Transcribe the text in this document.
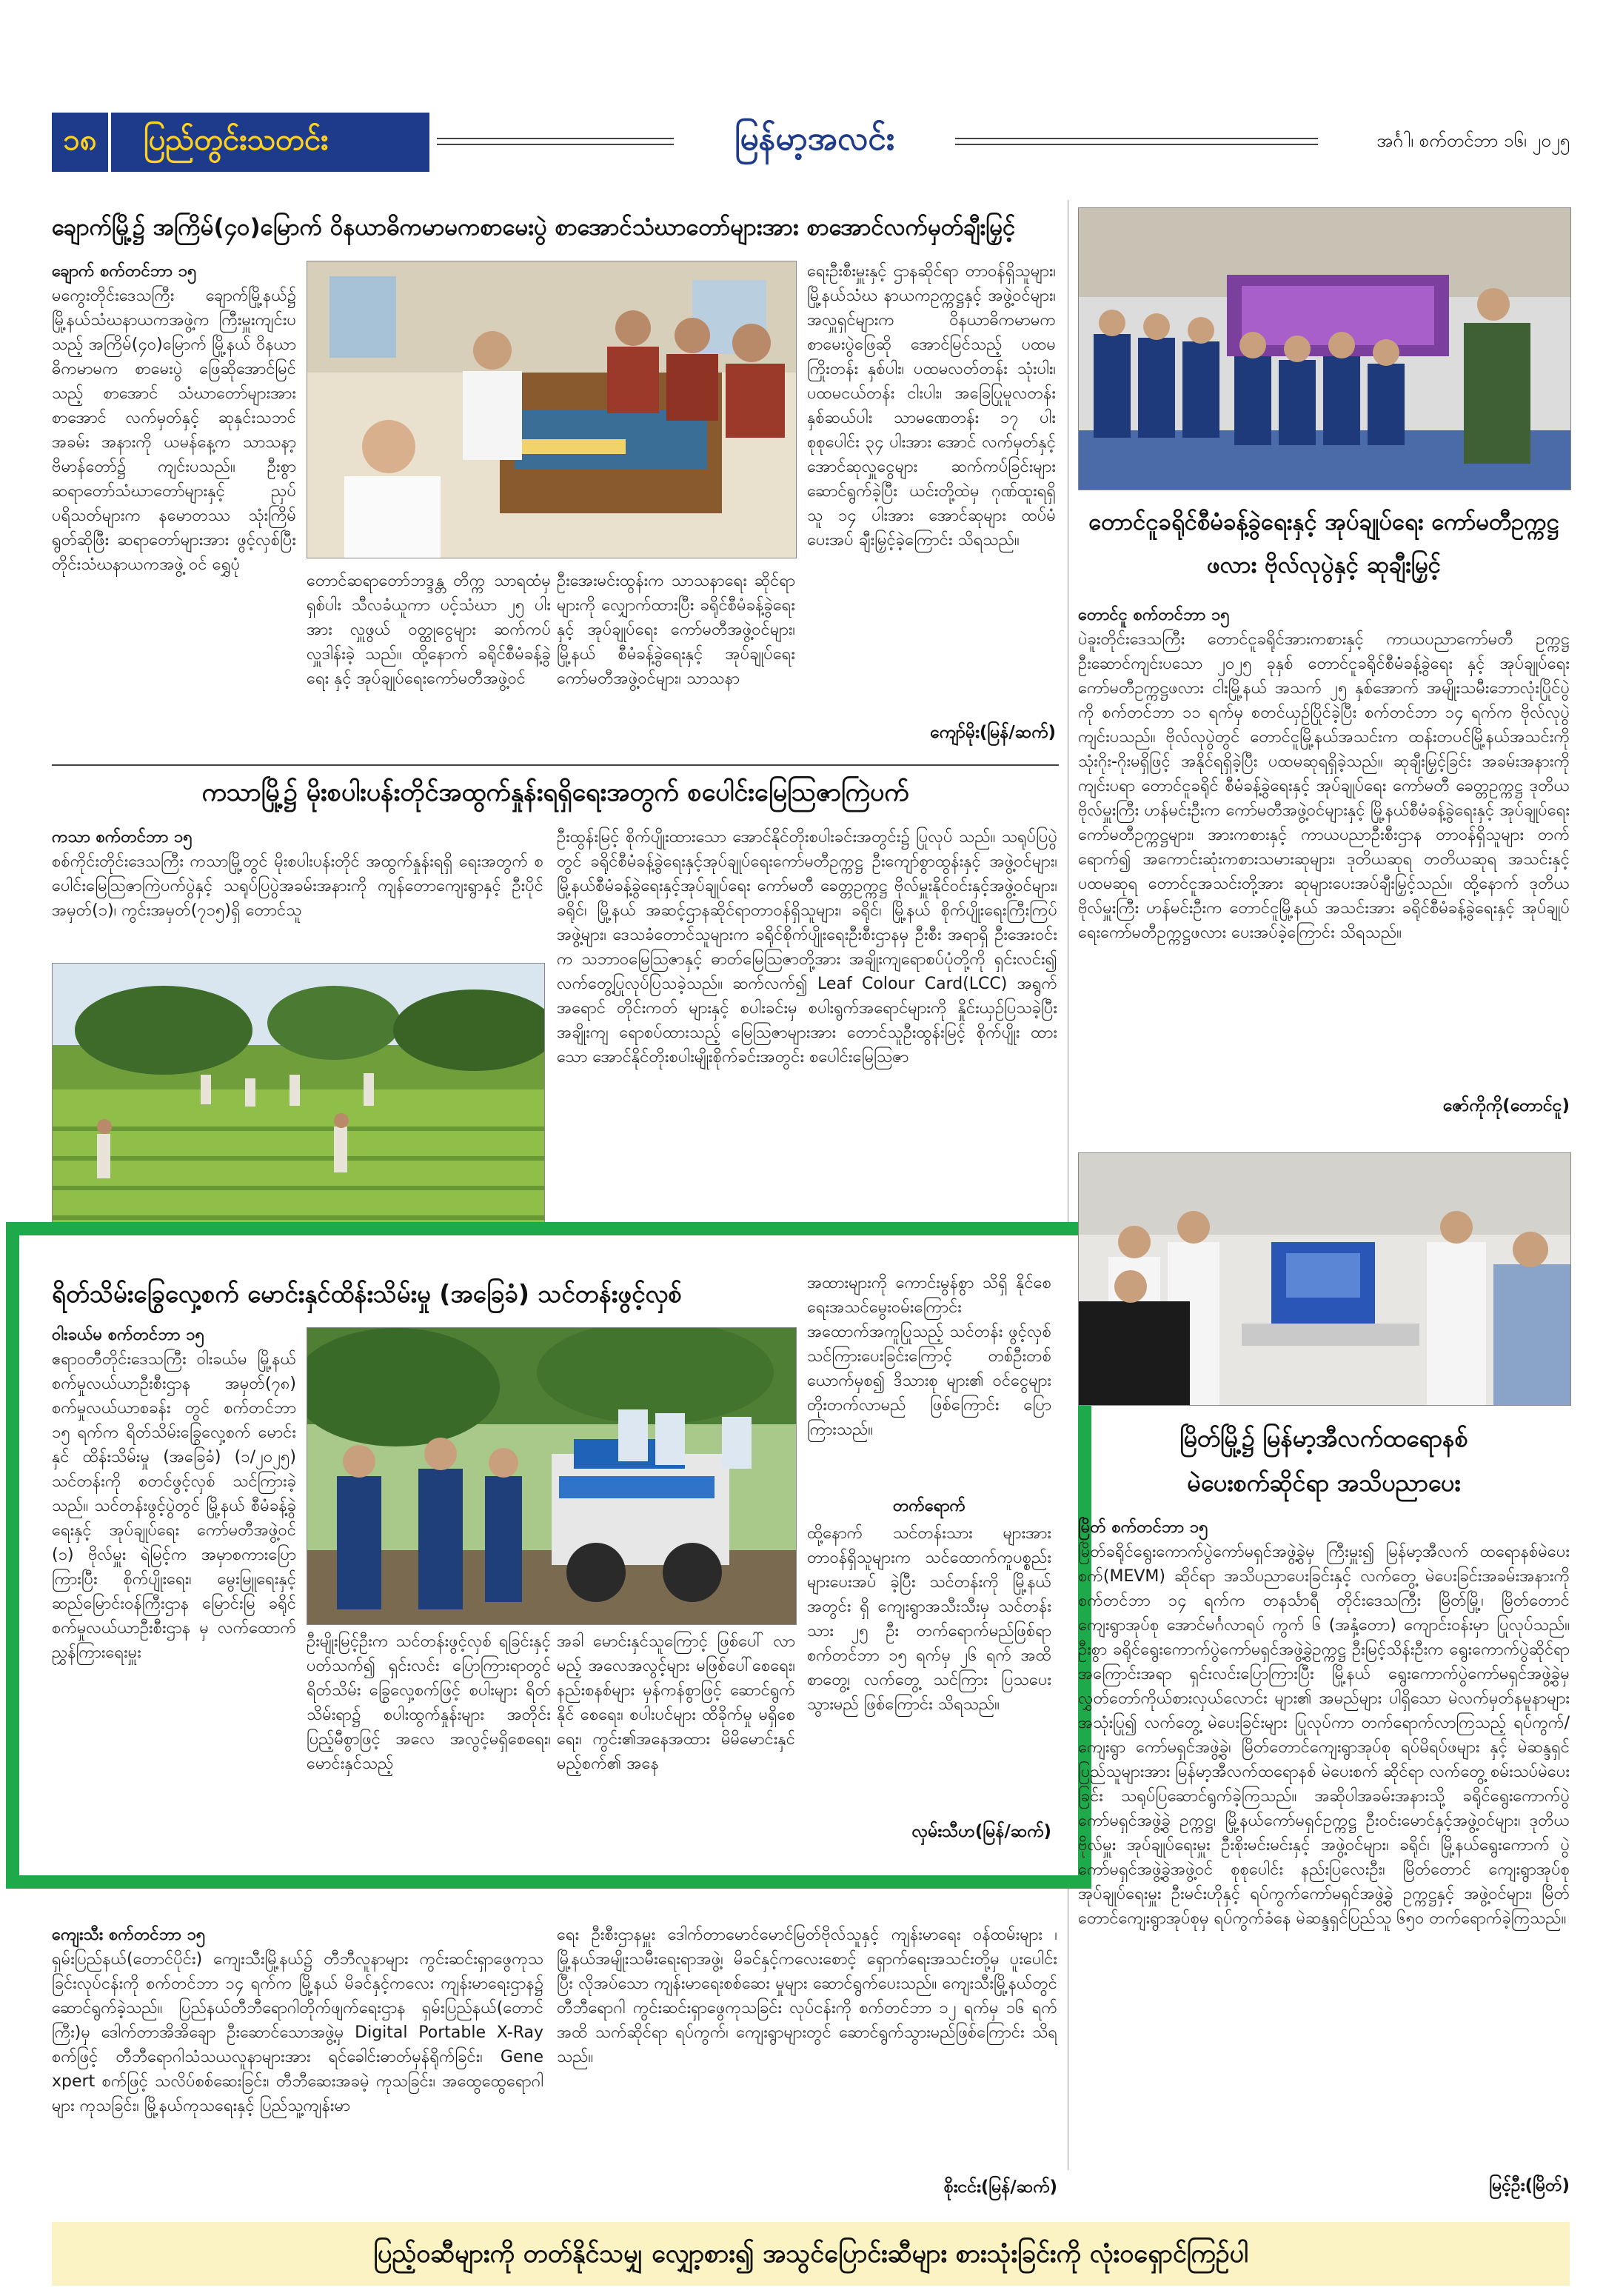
၁၈	ပြည်တွင်းသတင်း	မြန်မာ့အလင်း	အင်္ဂါ၊ စက်တင်ဘာ ၁၆၊ ၂၀၂၅
ချောက်မြို့၌ အကြိမ်(၄၀)မြောက် ဝိနယာဓိကမာမကစာမေးပွဲ စာအောင်သံဃာတော်များအား စာအောင်လက်မှတ်ချီးမြှင့်
ချောက် စက်တင်ဘာ ၁၅
မကွေးတိုင်းဒေသကြီး ချောက်မြို့နယ်၌ မြို့နယ်သံဃနာယကအဖွဲ့က ကြီးမှူးကျင်းပသည့် အကြိမ်(၄၀)မြောက် မြို့နယ် ဝိနယာဓိကမာမက စာမေးပွဲ ဖြေဆိုအောင်မြင်သည့် စာအောင် သံဃာတော်များအား စာအောင် လက်မှတ်နှင့် ဆုနှင်းသဘင်အခမ်း အနားကို ယမန်နေ့က သာသနာ့ ဗိမာန်တော်၌ ကျင်းပသည်။ ဦးစွာ ဆရာတော်သံဃာတော်များနှင့် ညှပ်ပရိသတ်များက နမောတဿ သုံးကြိမ်ရွတ်ဆိုဖြီး ဆရာတော်များအား ဖွင့်လှစ်ပြီး တိုင်းသံဃနာယကအဖွဲ့ ဝင် ရွှေပုံ
တောင်ဆရာတော်ဘဒ္ဒန္တ တိက္က သာရထံမှ ရှစ်ပါး သီလခံယူကာ ပင့်သံဃာ ၂၅ ပါးအား လှူဖွယ် ဝတ္ထုငွေများ ဆက်ကပ်လှူဒါန်းခဲ့ သည်။ ထို့နောက် ခရိုင်စီမံခန့်ခွဲရေး နှင့် အုပ်ချုပ်ရေးကော်မတီအဖွဲ့ဝင်
ဦးအေးမင်းထွန်းက သာသနာရေး ဆိုင်ရာများကို လျှောက်ထားပြီး ခရိုင်စီမံခန့်ခွဲရေးနှင့် အုပ်ချုပ်ရေး ကော်မတီအဖွဲ့ဝင်များ၊ မြို့နယ် စီမံခန့်ခွဲရေးနှင့် အုပ်ချုပ်ရေး ကော်မတီအဖွဲ့ဝင်များ၊ သာသနာ
ရေးဦးစီးမှူးနှင့် ဌာနဆိုင်ရာ တာဝန်ရှိသူများ၊ မြို့နယ်သံဃ နာယကဥက္ကဋ္ဌနှင့် အဖွဲ့ဝင်များ၊ အလှူရှင်များက ဝိနယာဓိကမာမက စာမေးပွဲဖြေဆို အောင်မြင်သည့် ပထမကြိုးတန်း နှစ်ပါး၊ ပထမလတ်တန်း သုံးပါး၊ ပထမငယ်တန်း ငါးပါး၊ အခြေပြုမူလတန်း နှစ်ဆယ်ပါး သာမဏေတန်း ၁၇ ပါး စုစုပေါင်း ၃၄ ပါးအား အောင် လက်မှတ်နှင့် အောင်ဆုလှူငွေများ ဆက်ကပ်ခြင်းများ ဆောင်ရွက်ခဲ့ပြီး ယင်းတို့ထဲမှ ဂုဏ်ထူးရရှိသူ ၁၄ ပါးအား အောင်ဆုများ ထပ်မံပေးအပ် ချီးမြှင့်ခဲ့ကြောင်း သိရသည်။
ကျော်မိုး(မြန်/ဆက်)
တောင်ငူခရိုင်စီမံခန့်ခွဲရေးနှင့် အုပ်ချုပ်ရေး ကော်မတီဥက္ကဋ္ဌဖလား ဗိုလ်လုပွဲနှင့် ဆုချီးမြှင့်
တောင်ငူ စက်တင်ဘာ ၁၅
ပဲခူးတိုင်းဒေသကြီး တောင်ငူခရိုင်အားကစားနှင့် ကာယပညာကော်မတီ ဥက္ကဋ္ဌ ဦးဆောင်ကျင်းပသော ၂၀၂၅ ခုနှစ် တောင်ငူခရိုင်စီမံခန့်ခွဲရေး နှင့် အုပ်ချုပ်ရေးကော်မတီဥက္ကဋ္ဌဖလား ငါးမြို့နယ် အသက် ၂၅ နှစ်အောက် အမျိုးသမီးဘောလုံးပြိုင်ပွဲကို စက်တင်ဘာ ၁၁ ရက်မှ စတင်ယှဉ်ပြိုင်ခဲ့ပြီး စက်တင်ဘာ ၁၄ ရက်က ဗိုလ်လုပွဲကျင်းပသည်။ ဗိုလ်လုပွဲတွင် တောင်ငူမြို့နယ်အသင်းက ထန်းတပင်မြို့နယ်အသင်းကို သုံးဂိုး-ဂိုးမရှိဖြင့် အနိုင်ရရှိခဲ့ပြီး ပထမဆုရရှိခဲ့သည်။ ဆုချီးမြှင့်ခြင်း အခမ်းအနားကို ကျင်းပရာ တောင်ငူခရိုင် စီမံခန့်ခွဲရေးနှင့် အုပ်ချုပ်ရေး ကော်မတီ ခေတ္တဥက္ကဋ္ဌ ဒုတိယဗိုလ်မှူးကြီး ဟန်မင်းဦးက ကော်မတီအဖွဲ့ဝင်များနှင့် မြို့နယ်စီမံခန့်ခွဲရေးနှင့် အုပ်ချုပ်ရေးကော်မတီဥက္ကဋ္ဌများ၊ အားကစားနှင့် ကာယပညာဦးစီးဌာန တာဝန်ရှိသူများ တက်ရောက်၍ အကောင်းဆုံးကစားသမားဆုများ၊ ဒုတိယဆုရ တတိယဆုရ အသင်းနှင့် ပထမဆုရ တောင်ငူအသင်းတို့အား ဆုများပေးအပ်ချီးမြှင့်သည်။ ထို့နောက် ဒုတိယဗိုလ်မှူးကြီး ဟန်မင်းဦးက တောင်ငူမြို့နယ် အသင်းအား ခရိုင်စီမံခန့်ခွဲရေးနှင့် အုပ်ချုပ်ရေးကော်မတီဥက္ကဋ္ဌဖလား ပေးအပ်ခဲ့ကြောင်း သိရသည်။
ဇော်ကိုကို(တောင်ငူ)
ကသာမြို့၌ မိုးစပါးပန်းတိုင်အထွက်နှုန်းရရှိရေးအတွက် စပေါင်းမြေဩဇာကြဲပက်
ကသာ စက်တင်ဘာ ၁၅
စစ်ကိုင်းတိုင်းဒေသကြီး ကသာမြို့တွင် မိုးစပါးပန်းတိုင် အထွက်နှုန်းရရှိ ရေးအတွက် စပေါင်းမြေဩဇာကြဲပက်ပွဲနှင့် သရုပ်ပြပွဲအခမ်းအနားကို ကျန်တောကျေးရွာနှင့် ဦးပိုင် အမှတ်(၁)၊ ကွင်းအမှတ်(၇၁၅)ရှိ တောင်သူ
ဦးထွန်းမြင့် စိုက်ပျိုးထားသော အောင်နိုင်တိုးစပါးခင်းအတွင်း၌ ပြုလုပ် သည်။ သရုပ်ပြပွဲတွင် ခရိုင်စီမံခန့်ခွဲရေးနှင့်အုပ်ချုပ်ရေးကော်မတီဥက္ကဋ္ဌ ဦးကျော်စွာထွန်းနှင့် အဖွဲ့ဝင်များ၊ မြို့နယ်စီမံခန့်ခွဲရေးနှင့်အုပ်ချုပ်ရေး ကော်မတီ ခေတ္တဥက္ကဋ္ဌ ဗိုလ်မှူးနိုင်ဝင်းနှင့်အဖွဲ့ဝင်များ၊ ခရိုင်၊ မြို့နယ် အဆင့်ဌာနဆိုင်ရာတာဝန်ရှိသူများ၊ ခရိုင်၊ မြို့နယ် စိုက်ပျိုးရေးကြီးကြပ် အဖွဲ့များ၊ ဒေသခံတောင်သူများက ခရိုင်စိုက်ပျိုးရေးဦးစီးဌာနမှ ဦးစီး အရာရှိ ဦးအေးဝင်းက သဘာဝမြေဩဇာနှင့် ဓာတ်မြေဩဇာတို့အား အချိုးကျရောစပ်ပုံတို့ကို ရှင်းလင်း၍ လက်တွေ့ပြုလုပ်ပြသခဲ့သည်။ ဆက်လက်၍ Leaf Colour Card(LCC) အရွက်အရောင် တိုင်းကတ် များနှင့် စပါးခင်းမှ စပါးရွက်အရောင်များကို နှိုင်းယှဉ်ပြသခဲ့ပြီး အချိုးကျ ရောစပ်ထားသည့် မြေဩဇာများအား တောင်သူဦးထွန်းမြင့် စိုက်ပျိုး ထားသော အောင်နိုင်တိုးစပါးမျိုးစိုက်ခင်းအတွင်း စပေါင်းမြေဩဇာ
ရိတ်သိမ်းခြွေလှေ့စက် မောင်းနှင်ထိန်းသိမ်းမှု (အခြေခံ) သင်တန်းဖွင့်လှစ်
ဝါးခယ်မ စက်တင်ဘာ ၁၅
ဧရာဝတီတိုင်းဒေသကြီး ဝါးခယ်မ မြို့နယ် စက်မှုလယ်ယာဦးစီးဌာန အမှတ်(၇၈) စက်မှုလယ်ယာစခန်း တွင် စက်တင်ဘာ ၁၅ ရက်က ရိတ်သိမ်းခြွေလှေ့စက် မောင်းနှင် ထိန်းသိမ်းမှု (အခြေခံ) (၁/၂၀၂၅) သင်တန်းကို စတင်ဖွင့်လှစ် သင်ကြားခဲ့သည်။ သင်တန်းဖွင့်ပွဲတွင် မြို့နယ် စီမံခန့်ခွဲရေးနှင့် အုပ်ချုပ်ရေး ကော်မတီအဖွဲ့ဝင် (၁) ဗိုလ်မှူး ရဲမြင့်က အမှာစကားပြောကြားပြီး စိုက်ပျိုးရေး၊ မွေးမြူရေးနှင့် ဆည်မြောင်းဝန်ကြီးဌာန မြောင်းမြ ခရိုင် စက်မှုလယ်ယာဦးစီးဌာန မှ လက်ထောက်ညွှန်ကြားရေးမှူး
ဦးမျိုးမြင့်ဦးက သင်တန်းဖွင့်လှစ် ရခြင်းနှင့် ပတ်သက်၍ ရှင်းလင်း ပြောကြားရာတွင် ရိတ်သိမ်း ခြွေလှေ့စက်ဖြင့် စပါးများ ရိတ် သိမ်းရာ၌ စပါးထွက်နှုန်းများ အတိုင်း ပြည့်မီစွာဖြင့် အလေ အလွင့်မရှိစေရေး၊ မောင်းနှင်သည့်
အခါ မောင်းနှင်သူကြောင့် ဖြစ်ပေါ် လာမည့် အလေအလွင့်များ မဖြစ်ပေါ်စေရေး၊ နည်းစနစ်များ မှန်ကန်စွာဖြင့် ဆောင်ရွက်နိုင် စေရေး၊ စပါးပင်များ ထိခိုက်မှု မရှိစေရေး၊ ကွင်း၏အနေအထား မိမိမောင်းနှင်မည့်စက်၏ အနေ
အထားများကို ကောင်းမွန်စွာ သိရှိ နိုင်စေရေးအသင်မွေးဝမ်းကြောင်း အထောက်အကူပြုသည့် သင်တန်း ဖွင့်လှစ်သင်ကြားပေးခြင်းကြောင့် တစ်ဦးတစ်ယောက်မှစ၍ ဒိသားစု များ၏ ဝင်ငွေများ တိုးတက်လာမည် ဖြစ်ကြောင်း ပြောကြားသည်။
တက်ရောက်
ထို့နောက် သင်တန်းသား များအား တာဝန်ရှိသူများက သင်ထောက်ကူပစ္စည်းများပေးအပ် ခဲ့ပြီး သင်တန်းကို မြို့နယ်အတွင်း ရှိ ကျေးရွာအသီးသီးမှ သင်တန်း သား ၂၅ ဦး တက်ရောက်မည်ဖြစ်ရာ စက်တင်ဘာ ၁၅ ရက်မှ ၂၆ ရက် အထိ စာတွေ့၊ လက်တွေ့ သင်ကြား ပြသပေးသွားမည် ဖြစ်ကြောင်း သိရသည်။
လှမ်းသီဟ(မြန်/ဆက်)
မြိတ်မြို့၌ မြန်မာ့အီလက်ထရောနစ်
မဲပေးစက်ဆိုင်ရာ အသိပညာပေး
မြိတ် စက်တင်ဘာ ၁၅
မြိတ်ခရိုင်ရွေးကောက်ပွဲကော်မရှင်အဖွဲ့ခွဲမှ ကြီးမှူး၍ မြန်မာ့အီလက် ထရောနစ်မဲပေးစက်(MEVM) ဆိုင်ရာ အသိပညာပေးခြင်းနှင့် လက်တွေ့ မဲပေးခြင်းအခမ်းအနားကို စက်တင်ဘာ ၁၄ ရက်က တနင်္သာရီ တိုင်းဒေသကြီး မြိတ်မြို့၊ မြိတ်တောင်ကျေးရွာအုပ်စု အောင်မင်္ဂလာရပ် ကွက် ၆ (အနှံ့တော) ကျောင်းဝန်းမှာ ပြုလုပ်သည်။ ဦးစွာ ခရိုင်ရွေးကောက်ပွဲကော်မရှင်အဖွဲ့ခွဲဥက္ကဋ္ဌ ဦးမြင့်သိန်းဦးက ရွေးကောက်ပွဲဆိုင်ရာအကြောင်းအရာ ရှင်းလင်းပြောကြားပြီး မြို့နယ် ရွေးကောက်ပွဲကော်မရှင်အဖွဲ့ခွဲမှ လွှတ်တော်ကိုယ်စားလှယ်လောင်း များ၏ အမည်များ ပါရှိသော မဲလက်မှတ်နမူနာများ အသုံးပြု၍ လက်တွေ့ မဲပေးခြင်းများ ပြုလုပ်ကာ တက်ရောက်လာကြသည့် ရပ်ကွက်/ ကျေးရွာ ကော်မရှင်အဖွဲ့ခွဲ၊ မြိတ်တောင်ကျေးရွာအုပ်စု ရပ်မိရပ်ဖများ နှင့် မဲဆန္ဒရှင်ပြည်သူများအား မြန်မာ့အီလက်ထရောနစ် မဲပေးစက် ဆိုင်ရာ လက်တွေ့ စမ်းသပ်မဲပေးခြင်း သရုပ်ပြဆောင်ရွက်ခဲ့ကြသည်။ အဆိုပါအခမ်းအနားသို့ ခရိုင်ရွေးကောက်ပွဲကော်မရှင်အဖွဲ့ခွဲ ဥက္ကဋ္ဌ၊ မြို့နယ်ကော်မရှင်ဥက္ကဋ္ဌ ဦးဝင်းမောင်နှင့်အဖွဲ့ဝင်များ၊ ဒုတိယဗိုလ်မှူး အုပ်ချုပ်ရေးမှူး ဦးစိုးမင်းမင်းနှင့် အဖွဲ့ဝင်များ၊ ခရိုင်၊ မြို့နယ်ရွေးကောက် ပွဲကော်မရှင်အဖွဲ့ခွဲအဖွဲ့ဝင် စုစုပေါင်း နည်းပြလေးဦး၊ မြိတ်တောင် ကျေးရွာအုပ်စု အုပ်ချုပ်ရေးမှူး ဦးမင်းဟိုနှင့် ရပ်ကွက်ကော်မရှင်အဖွဲ့ခွဲ ဥက္ကဋ္ဌနှင့် အဖွဲ့ဝင်များ၊ မြိတ်တောင်ကျေးရွာအုပ်စုမှ ရပ်ကွက်ခံနေ မဲဆန္ဒရှင်ပြည်သူ ၆၅၀ တက်ရောက်ခဲ့ကြသည်။
မြင့်ဦး(မြိတ်)
ကျေးသီး စက်တင်ဘာ ၁၅
ရှမ်းပြည်နယ်(တောင်ပိုင်း) ကျေးသီးမြို့နယ်၌ တီဘီလူနာများ ကွင်းဆင်းရှာဖွေကုသခြင်းလုပ်ငန်းကို စက်တင်ဘာ ၁၄ ရက်က မြို့နယ် မိခင်နှင့်ကလေး ကျန်းမာရေးဌာန၌ ဆောင်ရွက်ခဲ့သည်။ ပြည်နယ်တီဘီရောဂါတိုက်ဖျက်ရေးဌာန ရှမ်းပြည်နယ်(တောင်ကြီး)မှ ဒေါက်တာအိအိချော ဦးဆောင်သောအဖွဲ့မှ Digital Portable X-Ray စက်ဖြင့် တီဘီရောဂါသံသယလူနာများအား ရင်ခေါင်းဓာတ်မှန်ရိုက်ခြင်း၊ Gene xpert စက်ဖြင့် သလိပ်စစ်ဆေးခြင်း၊ တီဘီဆေးအခမဲ့ ကုသခြင်း၊ အထွေထွေရောဂါများ ကုသခြင်း၊ မြို့နယ်ကုသရေးနှင့် ပြည်သူ့ကျန်းမာ
ရေး ဦးစီးဌာနမှူး ဒေါက်တာမောင်မောင်မြတ်ဗိုလ်သူနှင့် ကျန်းမာရေး ဝန်ထမ်းများ ၊ မြို့နယ်အမျိုးသမီးရေးရာအဖွဲ့၊ မိခင်နှင့်ကလေးစောင့် ရှောက်ရေးအသင်းတို့မှ ပူးပေါင်းပြီး လိုအပ်သော ကျန်းမာရေးစစ်ဆေး မှုများ ဆောင်ရွက်ပေးသည်။ ကျေးသီးမြို့နယ်တွင် တီဘီရောဂါ ကွင်းဆင်းရှာဖွေကုသခြင်း လုပ်ငန်းကို စက်တင်ဘာ ၁၂ ရက်မှ ၁၆ ရက်အထိ သက်ဆိုင်ရာ ရပ်ကွက်၊ ကျေးရွာများတွင် ဆောင်ရွက်သွားမည်ဖြစ်ကြောင်း သိရ သည်။
စိုးငင်း(မြန်/ဆက်)
ပြည့်ဝဆီများကို တတ်နိုင်သမျှ လျှော့စား၍ အသွင်ပြောင်းဆီများ စားသုံးခြင်းကို လုံးဝရှောင်ကြဉ်ပါ
